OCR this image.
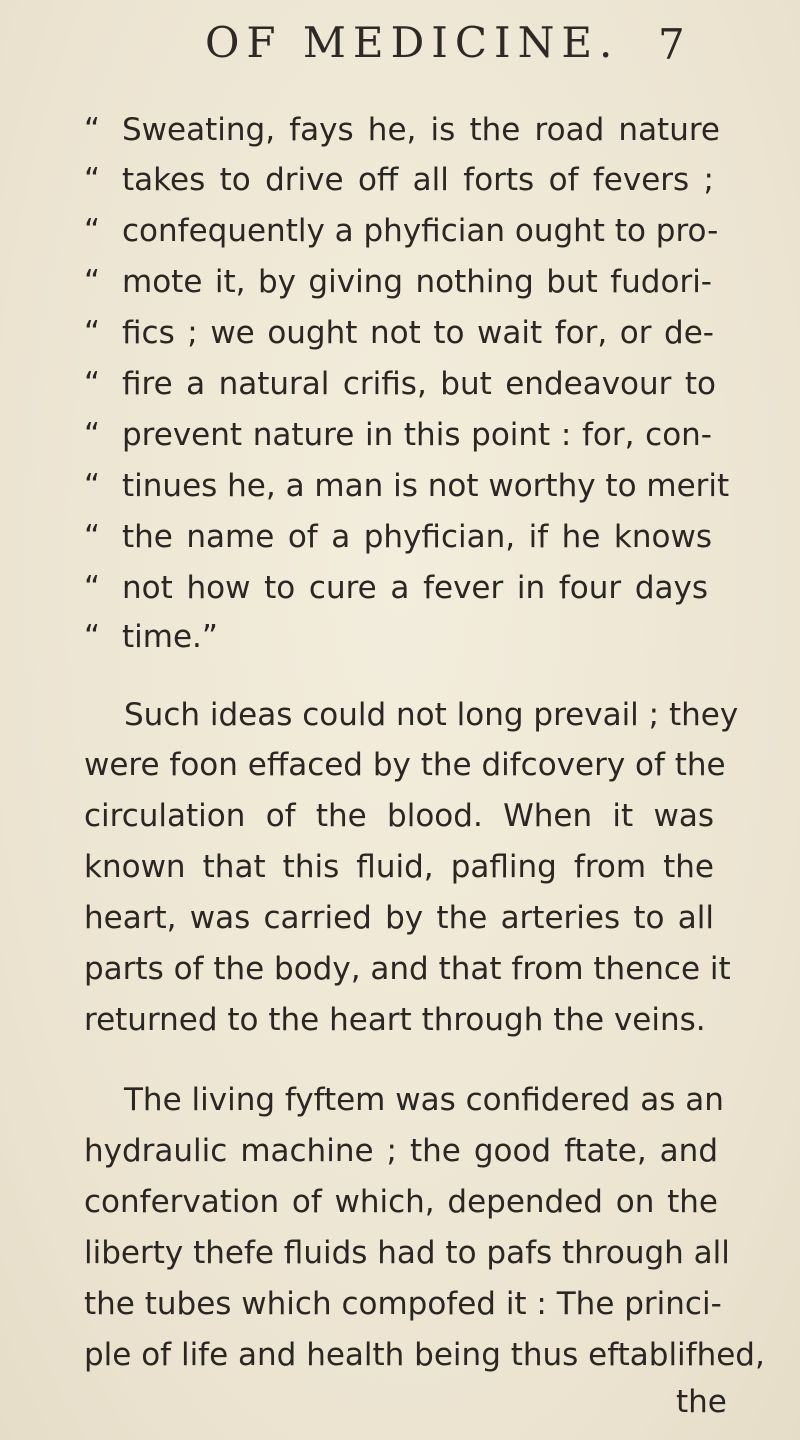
OF MEDICINE. 7
“ Sweating, fays he, is the road nature
“ takes to drive off all forts of fevers ;
“ confequently a phyfician ought to pro-
“ mote it, by giving nothing but fudori-
“ fics ; we ought not to wait for, or de-
“ fire a natural crifis, but endeavour to
“ prevent nature in this point : for, con-
“ tinues he, a man is not worthy to merit
“ the name of a phyfician, if he knows
“ not how to cure a fever in four days
“ time.”
Such ideas could not long prevail ; they
were foon effaced by the difcovery of the
circulation of the blood. When it was
known that this fluid, pafling from the
heart, was carried by the arteries to all
parts of the body, and that from thence it
returned to the heart through the veins.
The living fyftem was confidered as an
hydraulic machine ; the good ftate, and
confervation of which, depended on the
liberty thefe fluids had to pafs through all
the tubes which compofed it : The princi-
ple of life and health being thus eftablifhed,
the
